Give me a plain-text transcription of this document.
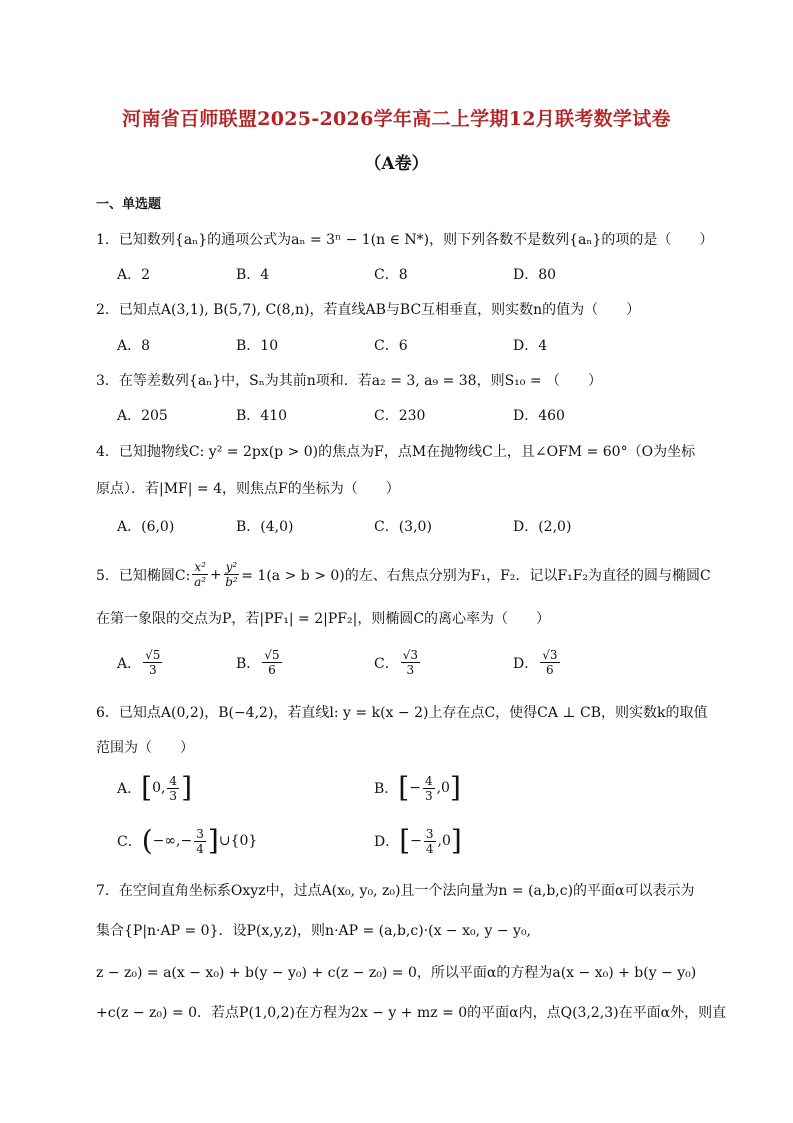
河南省百师联盟2025-2026学年高二上学期12月联考数学试卷
（A卷）
一、单选题
1．已知数列{aₙ}的通项公式为aₙ = 3ⁿ − 1(n ∈ N*)，则下列各数不是数列{aₙ}的项的是（　　）
A．2	B．4	C．8	D．80
2．已知点A(3,1), B(5,7), C(8,n)，若直线AB与BC互相垂直，则实数n的值为（　　）
A．8	B．10	C．6	D．4
3．在等差数列{aₙ}中，Sₙ为其前n项和．若a₂ = 3, a₉ = 38，则S₁₀ = （　　）
A．205	B．410	C．230	D．460
4．已知抛物线C: y² = 2px(p > 0)的焦点为F，点M在抛物线C上，且∠OFM = 60°（O为坐标
原点）．若|MF| = 4，则焦点F的坐标为（　　）
A．(6,0)	B．(4,0)	C．(3,0)	D．(2,0)
5．已知椭圆C: $\frac{\text{x²}}{\text{a²}} + \frac{\text{y²}}{\text{b²}} = 1(a > b > 0)$的左、右焦点分别为F₁，F₂．记以F₁F₂为直径的圆与椭圆C
在第一象限的交点为P，若|PF₁| = 2|PF₂|，则椭圆C的离心率为（　　）
A． $\frac{√5}{3}$	B． $\frac{√5}{6}$	C． $\frac{√3}{3}$	D． $\frac{√3}{6}$
6．已知点A(0,2)，B(−4,2)，若直线l: y = k(x − 2)上存在点C，使得CA ⊥ CB，则实数k的取值
范围为（　　）
A． [ 0, $\frac{4}{3}$ ]	B． [ − $\frac{4}{3} ,0$ ]
C． ( −∞,− $\frac{3}{4}$ ] ∪{0}	D． [ − $\frac{3}{4} ,0$ ]
7．在空间直角坐标系Oxyz中，过点A(x₀, y₀, z₀)且一个法向量为n = (a,b,c)的平面α可以表示为
集合{P|n·AP = 0}．设P(x,y,z)，则n·AP = (a,b,c)·(x − x₀, y − y₀,
z − z₀) = a(x − x₀) + b(y − y₀) + c(z − z₀) = 0，所以平面α的方程为a(x − x₀) + b(y − y₀)
+c(z − z₀) = 0．若点P(1,0,2)在方程为2x − y + mz = 0的平面α内，点Q(3,2,3)在平面α外，则直
